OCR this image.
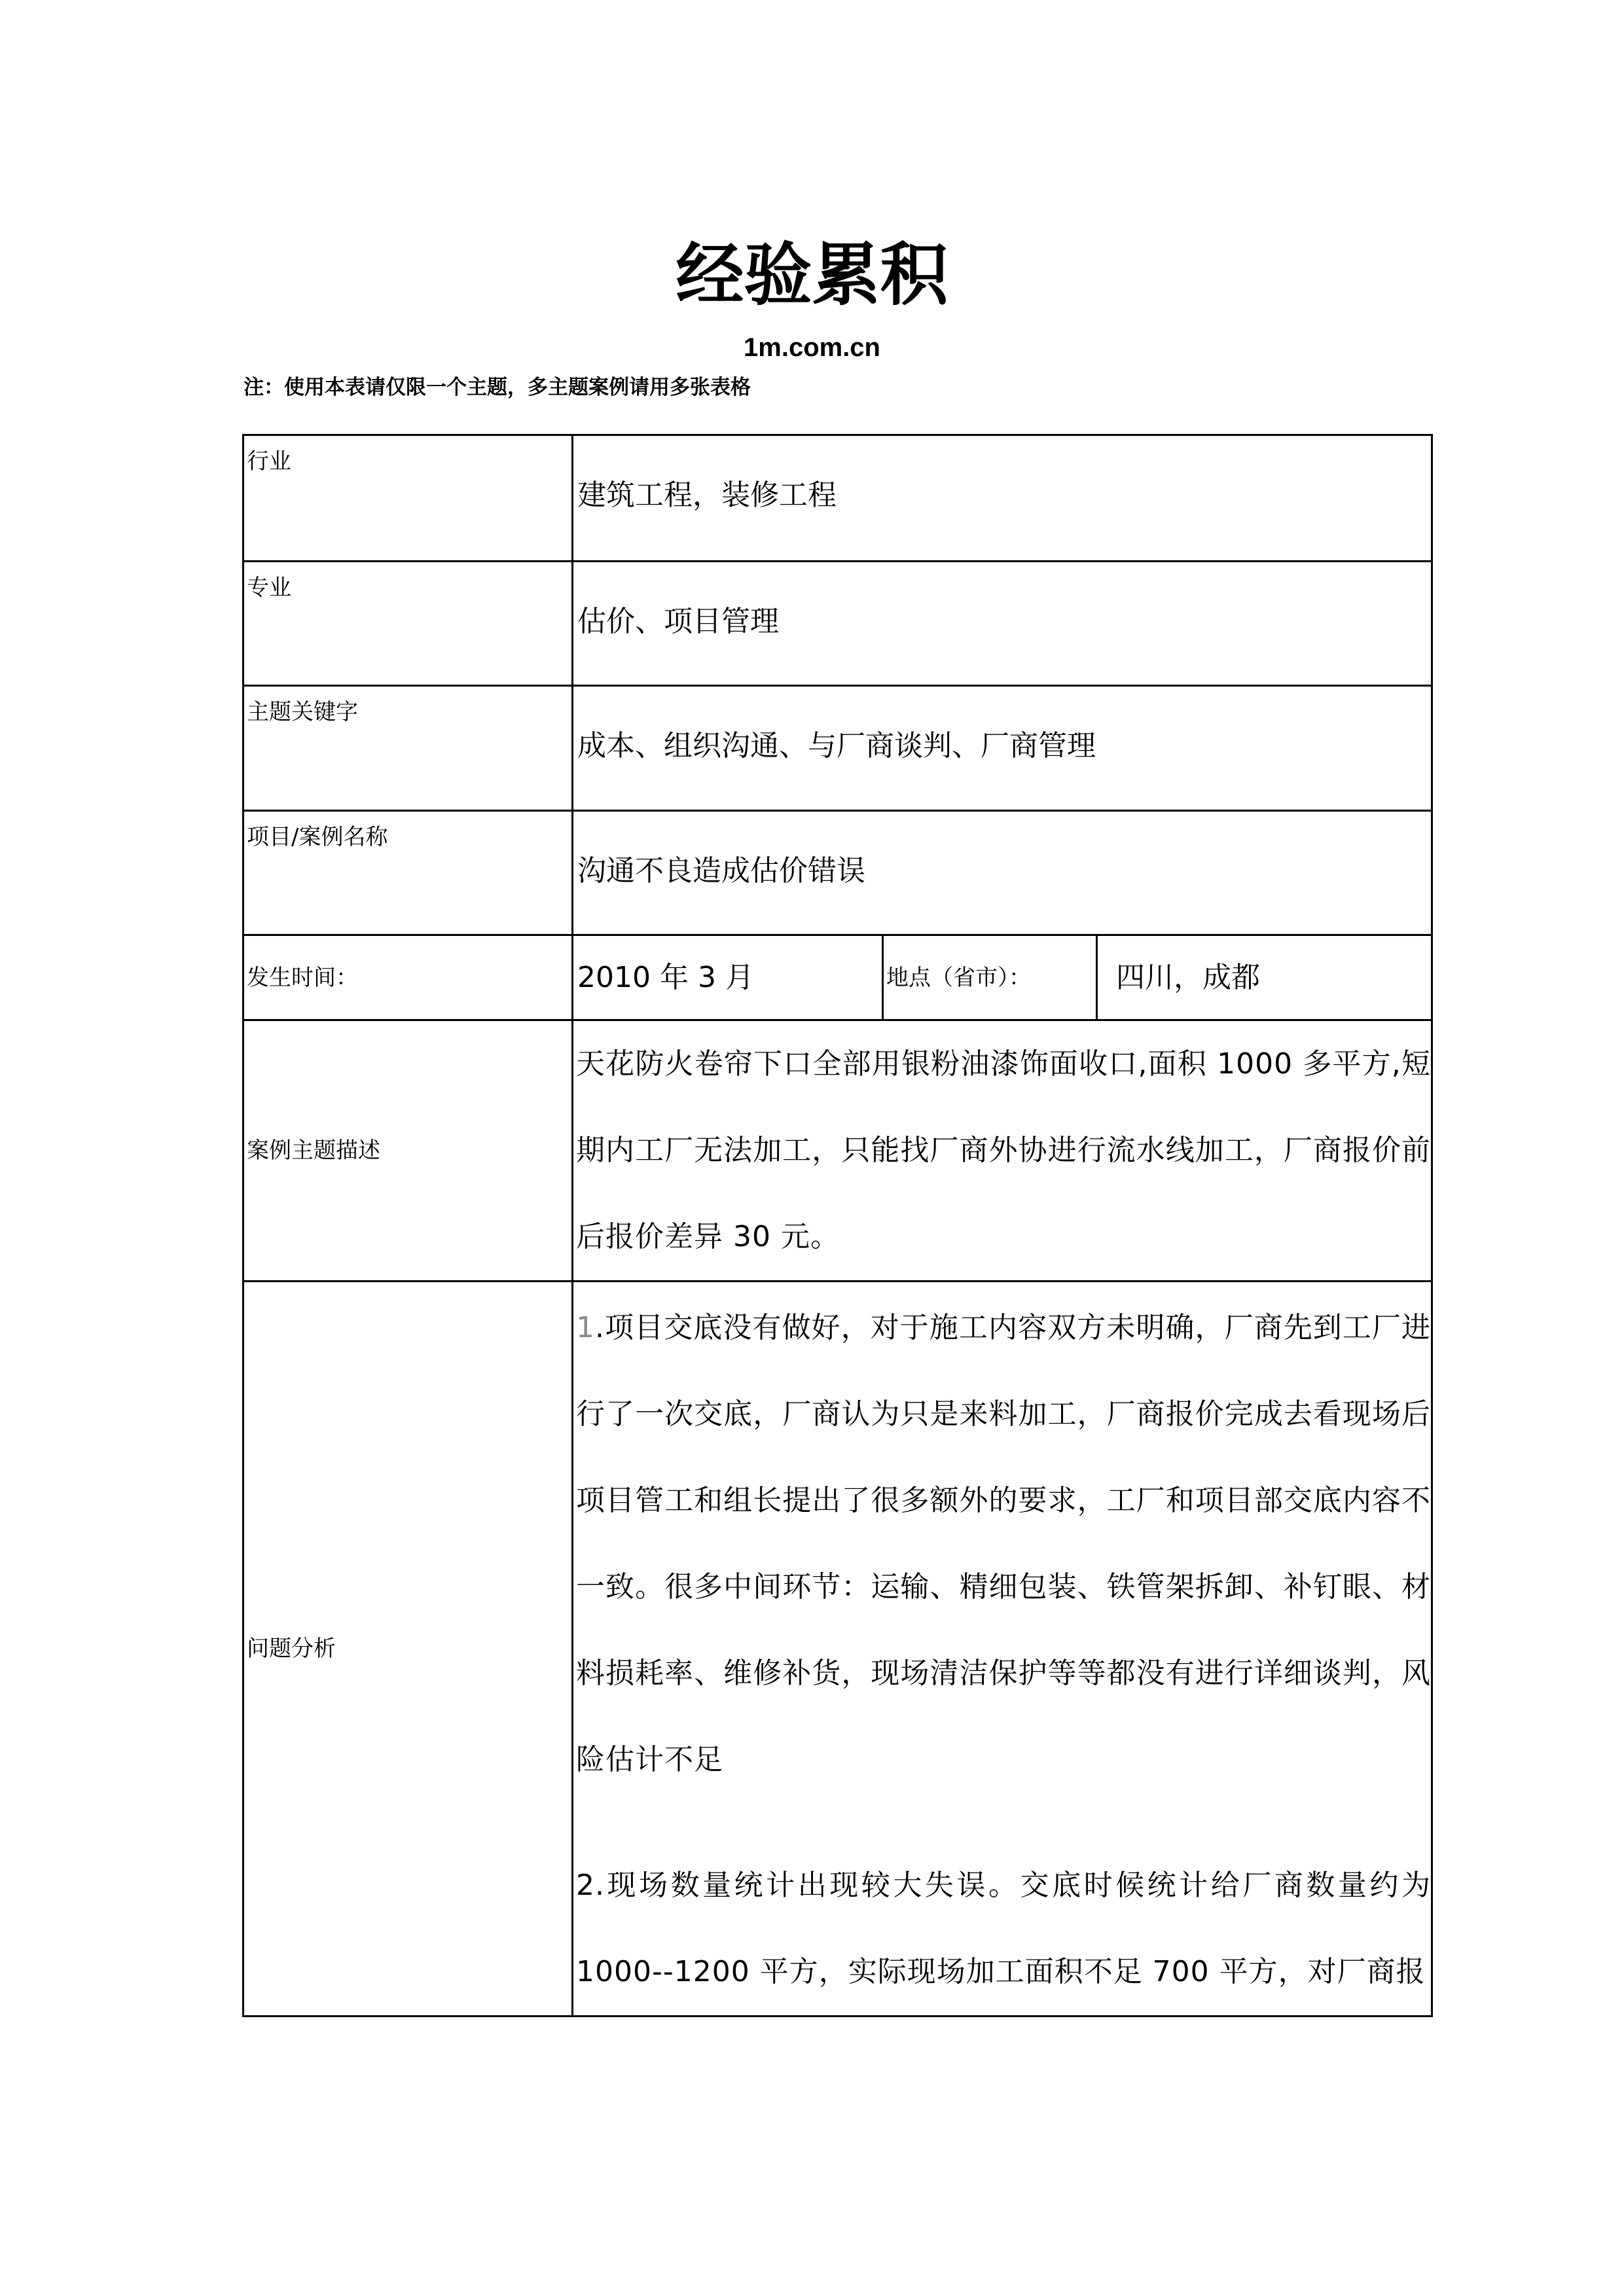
经验累积
1m.com.cn
注：使用本表请仅限一个主题，多主题案例请用多张表格
行业	建筑工程，装修工程		
专业	估价、项目管理		
主题关键字	成本、组织沟通、与厂商谈判、厂商管理		
项目/案例名称	沟通不良造成估价错误		
发生时间：	2010 年 3 月	地点（省市）：	四川，成都
案例主题描述	天花防火卷帘下口全部用银粉油漆饰面收口,面积 1000 多平方,短期内工厂无法加工，只能找厂商外协进行流水线加工，厂商报价前后报价差异 30 元。		

问题分析	1.项目交底没有做好，对于施工内容双方未明确，厂商先到工厂进行了一次交底，厂商认为只是来料加工，厂商报价完成去看现场后项目管工和组长提出了很多额外的要求，工厂和项目部交底内容不一致。很多中间环节：运输、精细包装、铁管架拆卸、补钉眼、材料损耗率、维修补货，现场清洁保护等等都没有进行详细谈判，风险估计不足

2.现场数量统计出现较大失误。交底时候统计给厂商数量约为 1000--1200 平方，实际现场加工面积不足 700 平方，对厂商报		
